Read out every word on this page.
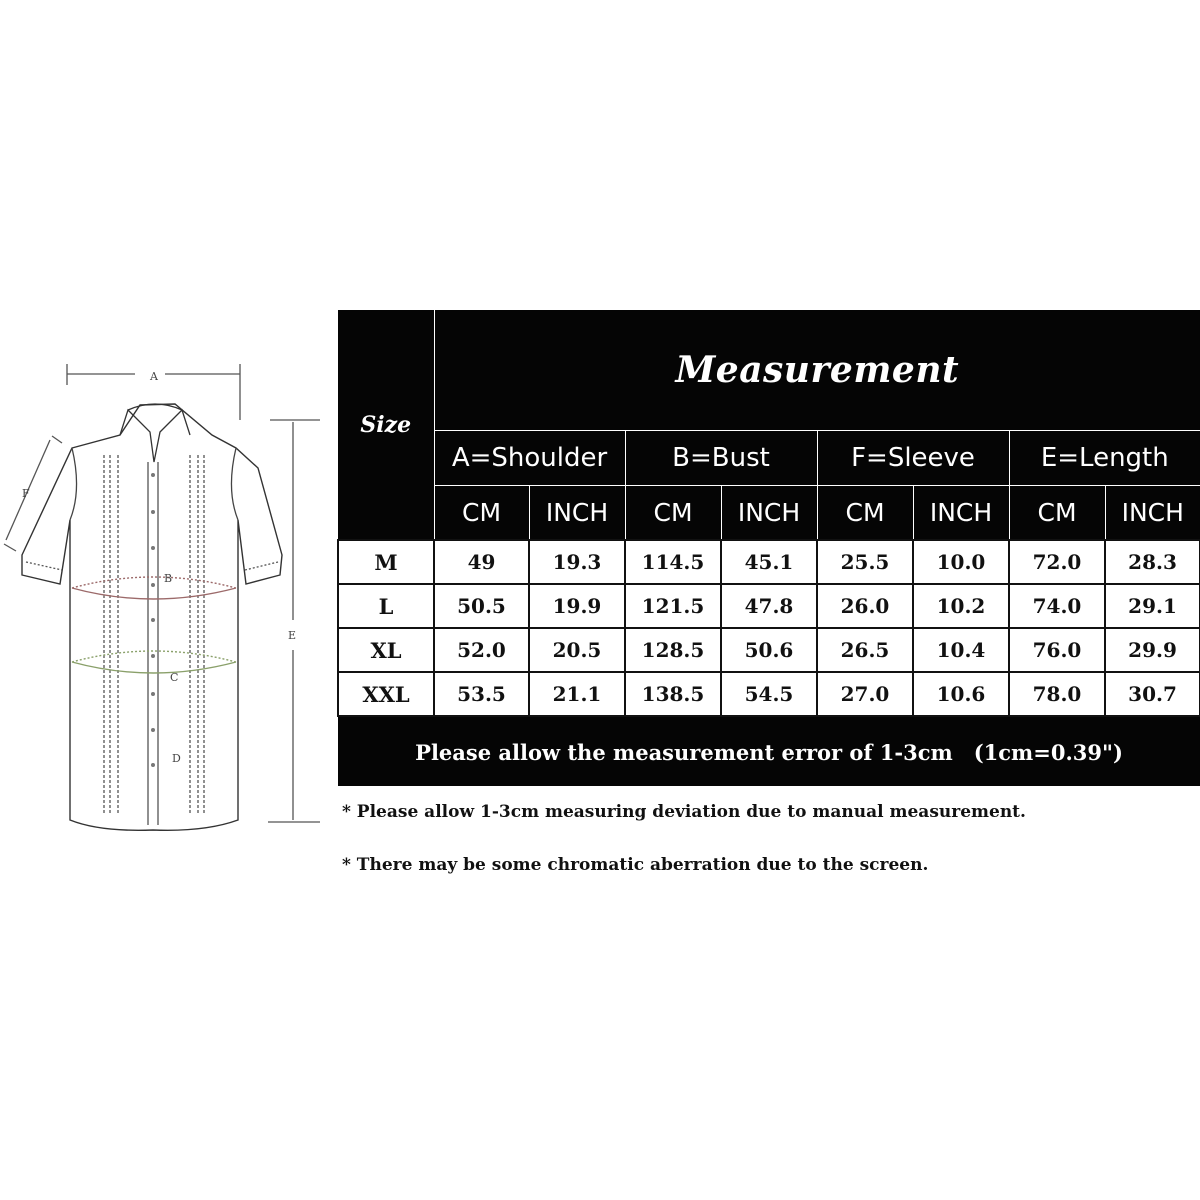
A
B
C
D
E
F
Size	Measurement							
	A=Shoulder		B=Bust		F=Sleeve		E=Length	
	CM	INCH	CM	INCH	CM	INCH	CM	INCH
M	49	19.3	114.5	45.1	25.5	10.0	72.0	28.3
L	50.5	19.9	121.5	47.8	26.0	10.2	74.0	29.1
XL	52.0	20.5	128.5	50.6	26.5	10.4	76.0	29.9
XXL	53.5	21.1	138.5	54.5	27.0	10.6	78.0	30.7
Please allow the measurement error of 1-3cm　(1cm=0.39")								
* Please allow 1-3cm measuring deviation due to manual measurement.
* There may be some chromatic aberration due to the screen.
